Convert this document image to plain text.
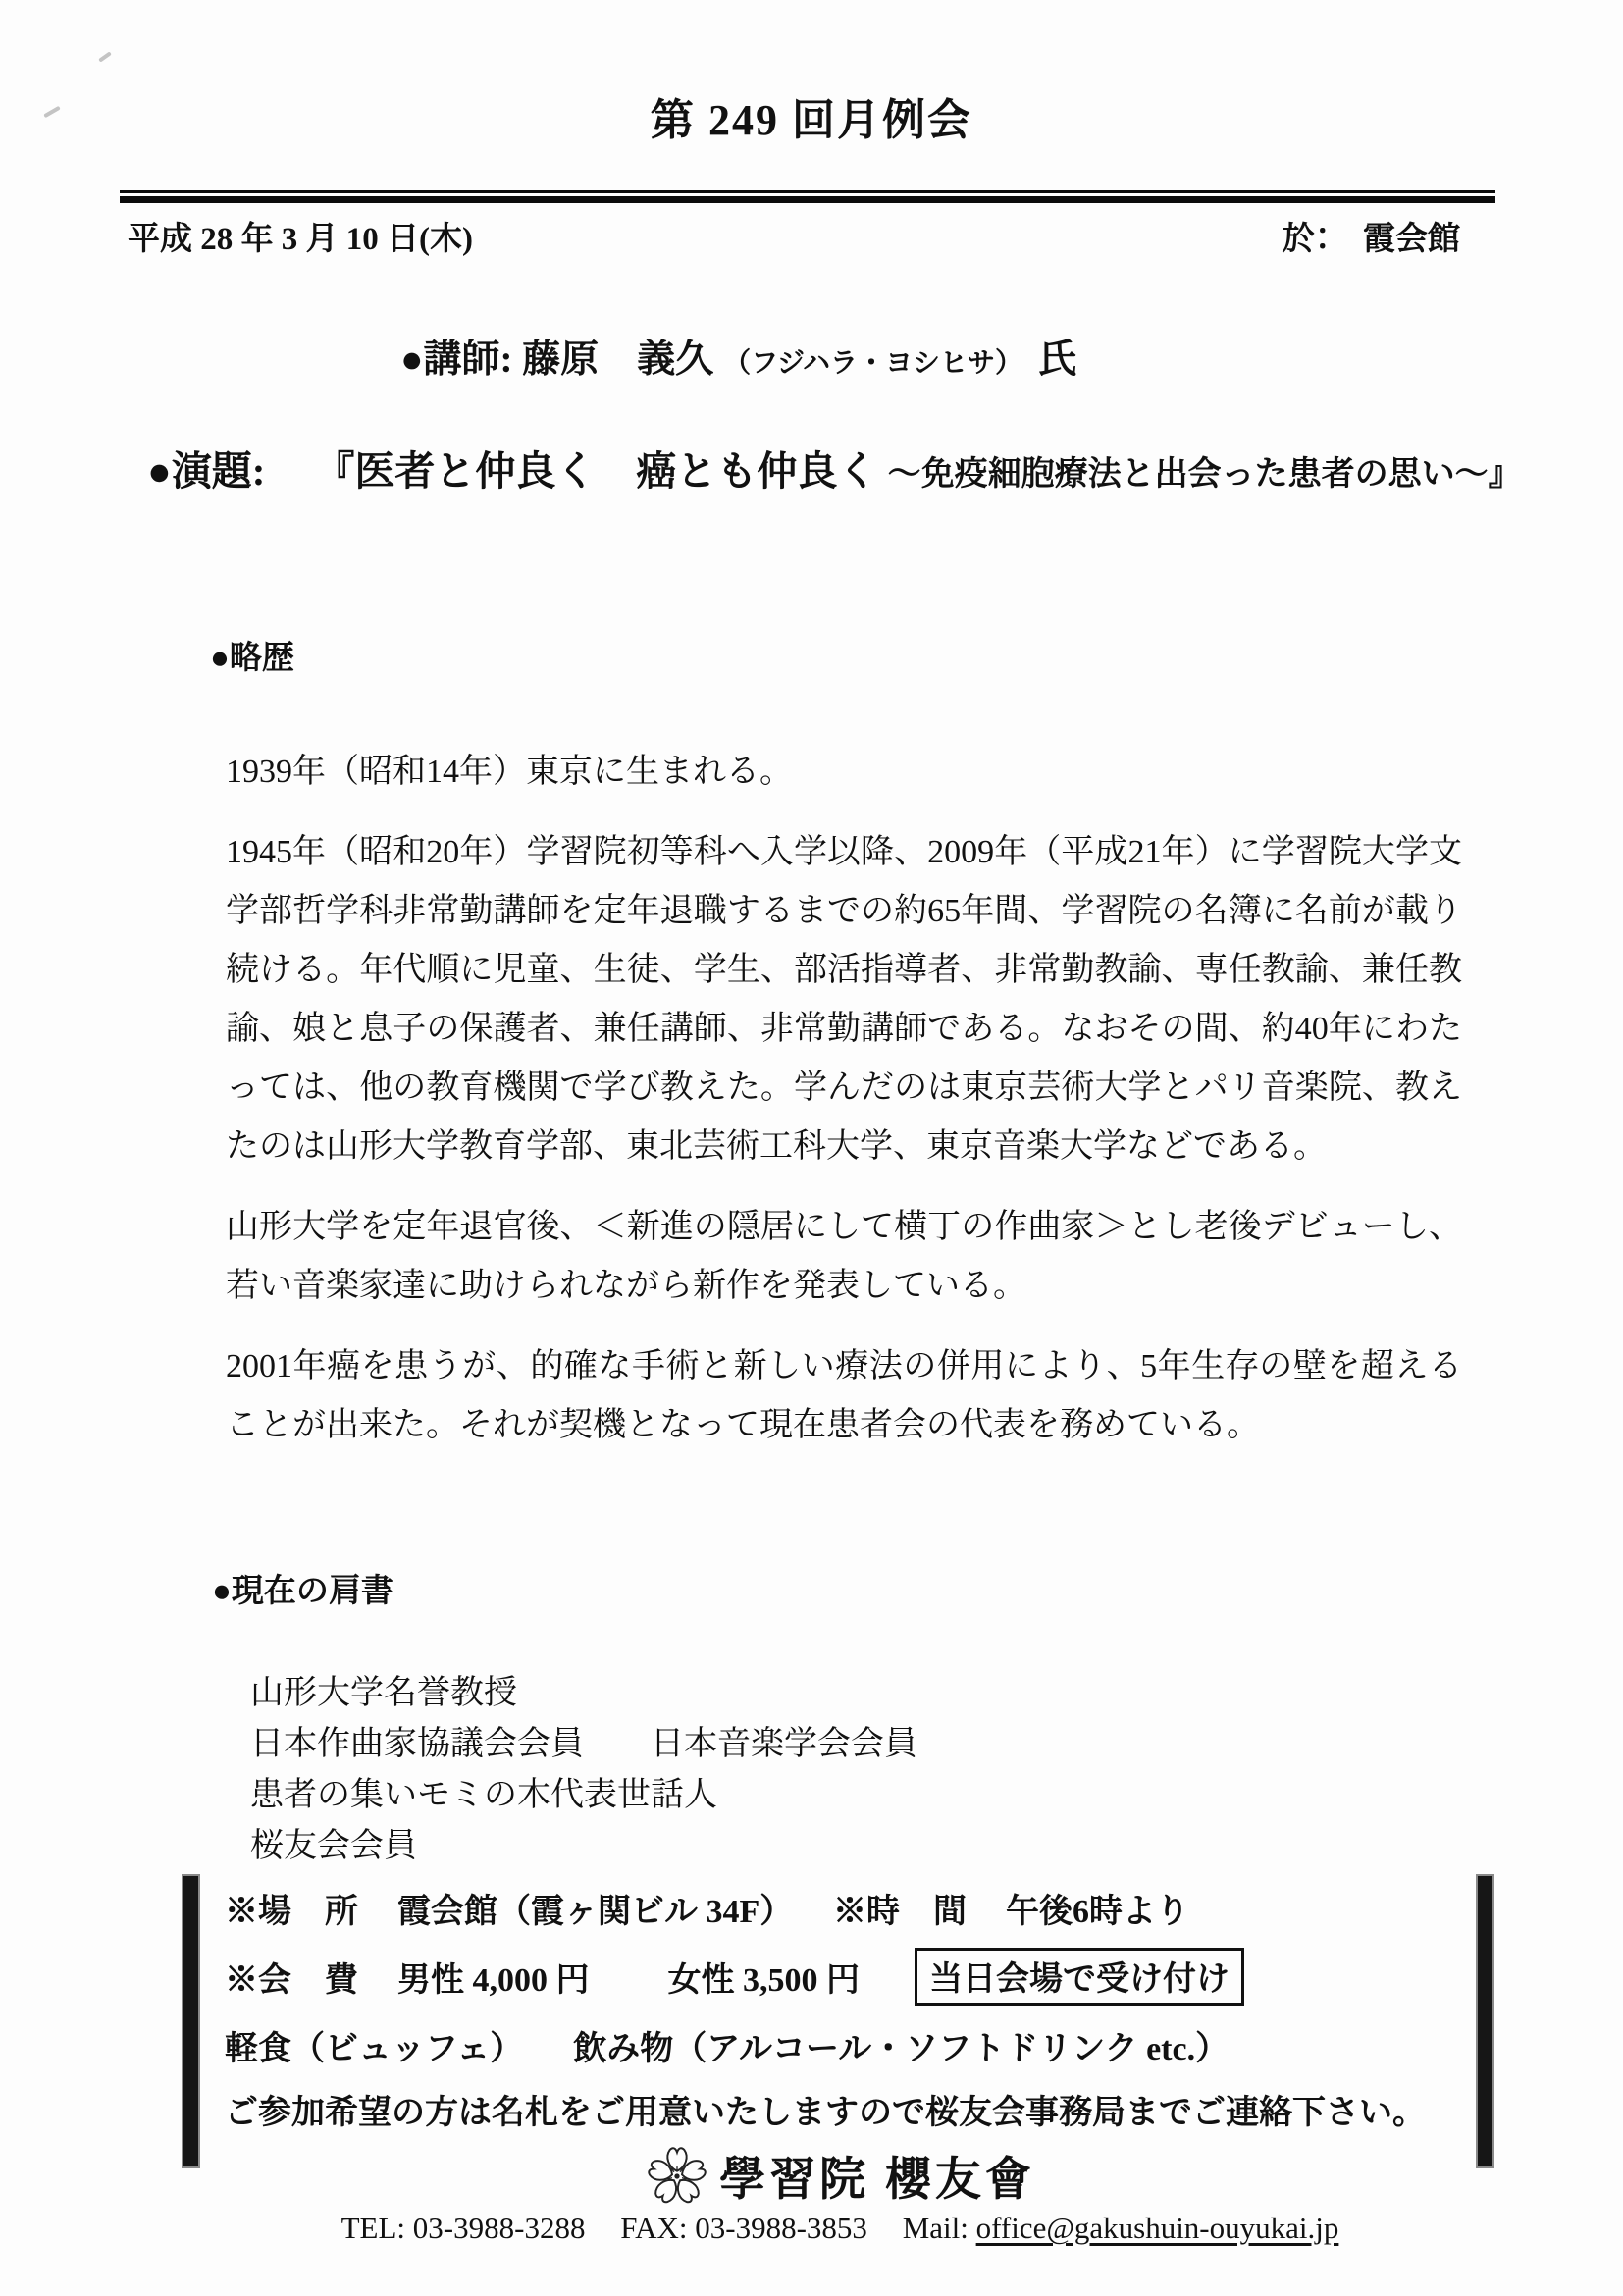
第 249 回月例会
平成 28 年 3 月 10 日(木)	於：　霞会館
●講師: 藤原　義久 （フジハラ・ヨシヒサ） 氏
●演題: 『医者と仲良く　癌とも仲良く ～免疫細胞療法と出会った患者の思い～』
●略歴

1939年（昭和14年）東京に生まれる。

1945年（昭和20年）学習院初等科へ入学以降、2009年（平成21年）に学習院大学文学部哲学科非常勤講師を定年退職するまでの約65年間、学習院の名簿に名前が載り続ける。年代順に児童、生徒、学生、部活指導者、非常勤教諭、専任教諭、兼任教諭、娘と息子の保護者、兼任講師、非常勤講師である。なおその間、約40年にわたっては、他の教育機関で学び教えた。学んだのは東京芸術大学とパリ音楽院、教えたのは山形大学教育学部、東北芸術工科大学、東京音楽大学などである。

山形大学を定年退官後、＜新進の隠居にして横丁の作曲家＞とし老後デビューし、若い音楽家達に助けられながら新作を発表している。

2001年癌を患うが、的確な手術と新しい療法の併用により、5年生存の壁を超えることが出来た。それが契機となって現在患者会の代表を務めている。

●現在の肩書
山形大学名誉教授
日本作曲家協議会会員　　日本音楽学会会員
患者の集いモミの木代表世話人
桜友会会員
※場　所 霞会館（霞ヶ関ビル 34F）	※時　間 午後6時より
※会　費 男性 4,000 円 女性 3,500 円	当日会場で受け付け
軽食（ビュッフェ）　　飲み物（アルコール・ソフトドリンク etc.）
ご参加希望の方は名札をご用意いたしますので桜友会事務局までご連絡下さい。
學習院 櫻友會
TEL: 03-3988-3288 FAX: 03-3988-3853 Mail: office@gakushuin-ouyukai.jp
